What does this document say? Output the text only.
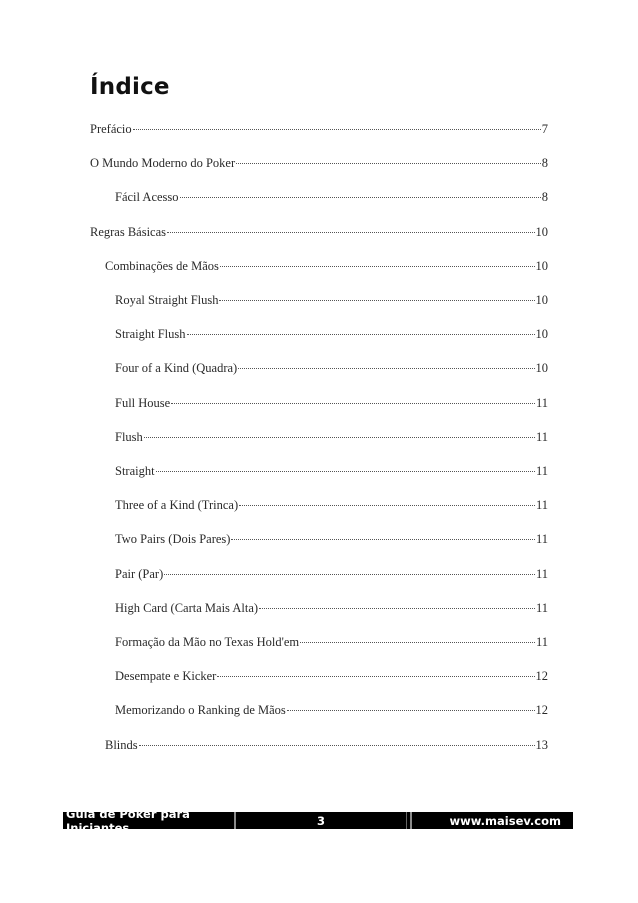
Índice
Prefácio	7
O Mundo Moderno do Poker	8
Fácil Acesso	8
Regras Básicas	10
Combinações de Mãos	10
Royal Straight Flush	10
Straight Flush	10
Four of a Kind (Quadra)	10
Full House	11
Flush	11
Straight	11
Three of a Kind (Trinca)	11
Two Pairs (Dois Pares)	11
Pair (Par)	11
High Card (Carta Mais Alta)	11
Formação da Mão no Texas Hold'em	11
Desempate e Kicker	12
Memorizando o Ranking de Mãos	12
Blinds	13
Guia de Poker para Iniciantes	3	www.maisev.com
